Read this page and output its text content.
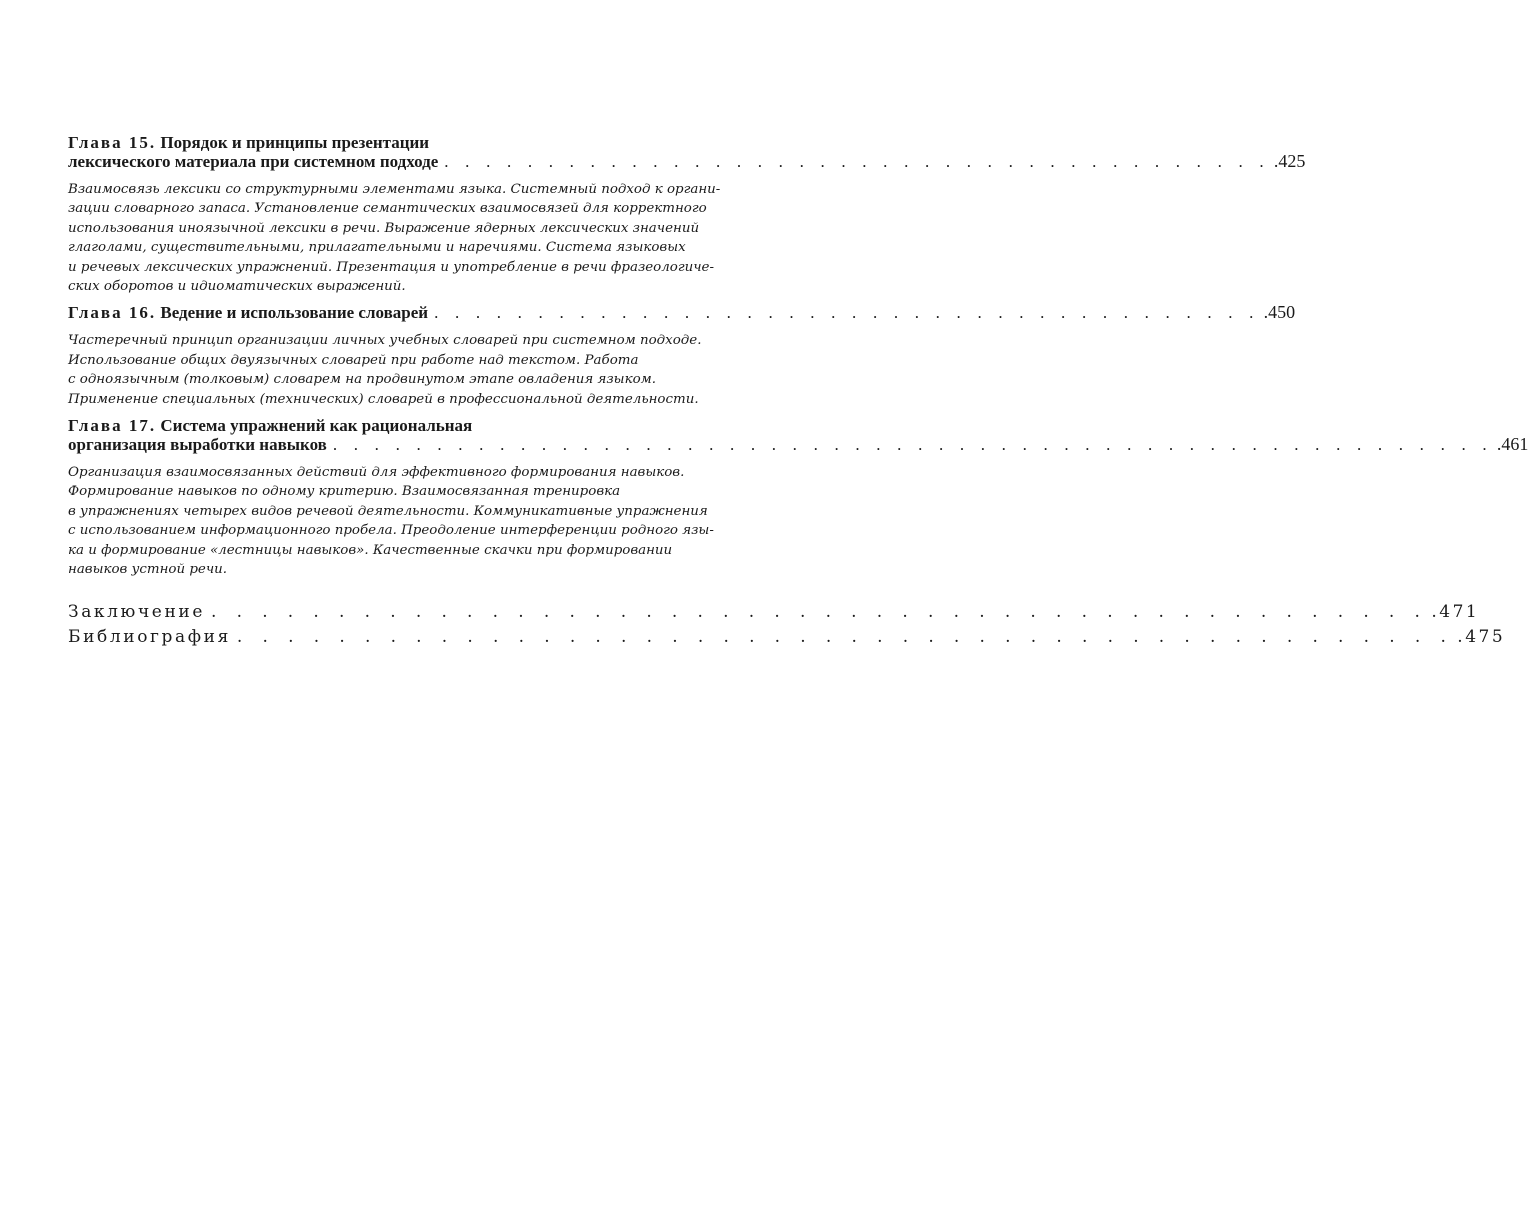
Глава 15. Порядок и принципы презентации
лексического материала при системном подходе . . . . . . . . . . . . . . . . . . . . . . . . . . . . . . . . . . . . . . . . .425
Взаимосвязь лексики со структурными элементами языка. Системный подход к органи-
зации словарного запаса. Установление семантических взаимосвязей для корректного
использования иноязычной лексики в речи. Выражение ядерных лексических значений
глаголами, существительными, прилагательными и наречиями. Система языковых
и речевых лексических упражнений. Презентация и употребление в речи фразеологиче-
ских оборотов и идиоматических выражений.
Глава 16. Ведение и использование словарей . . . . . . . . . . . . . . . . . . . . . . . . . . . . . . . . . . . . . . . . .450
Частеречный принцип организации личных учебных словарей при системном подходе.
Использование общих двуязычных словарей при работе над текстом. Работа
с одноязычным (толковым) словарем на продвинутом этапе овладения языком.
Применение специальных (технических) словарей в профессиональной деятельности.
Глава 17. Система упражнений как рациональная
организация выработки навыков . . . . . . . . . . . . . . . . . . . . . . . . . . . . . . . . . . . . . . . . . . . . . . . . . . . . . . . . .461
Организация взаимосвязанных действий для эффективного формирования навыков.
Формирование навыков по одному критерию. Взаимосвязанная тренировка
в упражнениях четырех видов речевой деятельности. Коммуникативные упражнения
с использованием информационного пробела. Преодоление интерференции родного язы-
ка и формирование «лестницы навыков». Качественные скачки при формировании
навыков устной речи.
Заключение . . . . . . . . . . . . . . . . . . . . . . . . . . . . . . . . . . . . . . . . . . . . . . . . .471
Библиография . . . . . . . . . . . . . . . . . . . . . . . . . . . . . . . . . . . . . . . . . . . . . . . . .475
